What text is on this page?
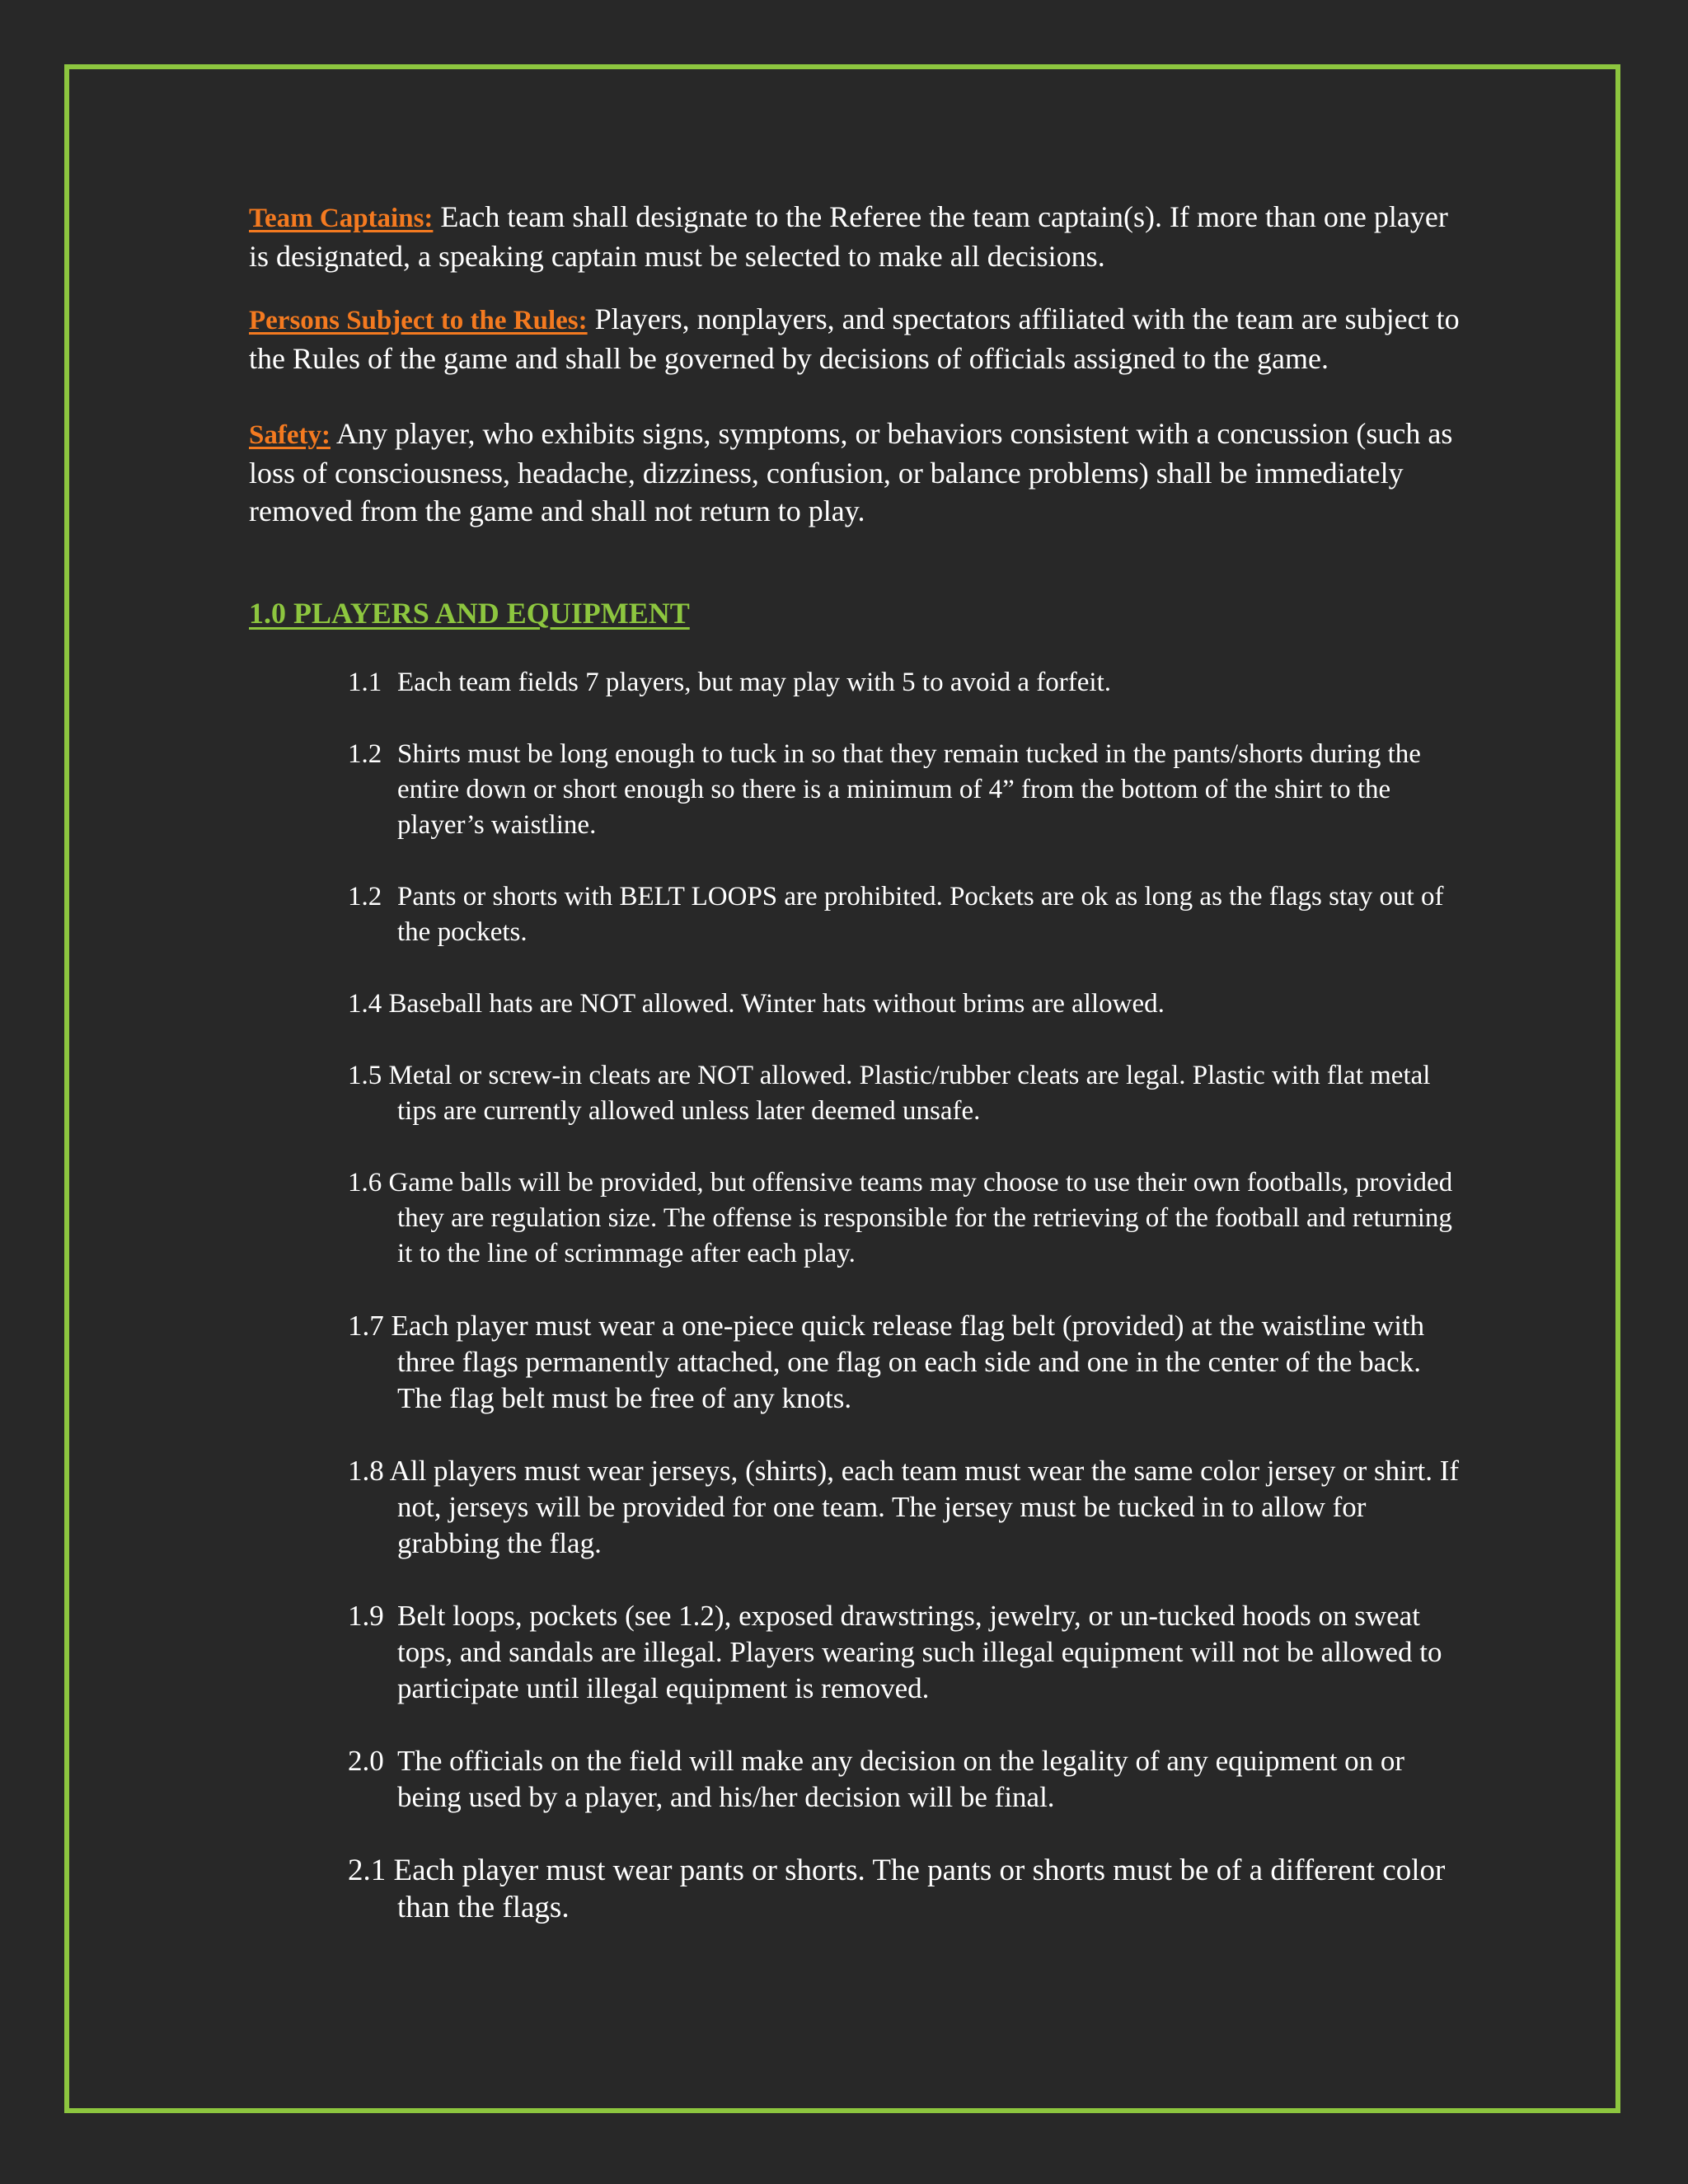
Team Captains: Each team shall designate to the Referee the team captain(s). If more than one player is designated, a speaking captain must be selected to make all decisions.

Persons Subject to the Rules: Players, nonplayers, and spectators affiliated with the team are subject to the Rules of the game and shall be governed by decisions of officials assigned to the game.

Safety: Any player, who exhibits signs, symptoms, or behaviors consistent with a concussion (such as loss of consciousness, headache, dizziness, confusion, or balance problems) shall be immediately removed from the game and shall not return to play.

1.0 PLAYERS AND EQUIPMENT
1.1 Each team fields 7 players, but may play with 5 to avoid a forfeit.
1.2 Shirts must be long enough to tuck in so that they remain tucked in the pants/shorts during the entire down or short enough so there is a minimum of 4” from the bottom of the shirt to the player’s waistline.
1.2 Pants or shorts with BELT LOOPS are prohibited. Pockets are ok as long as the flags stay out of the pockets.
1.4 Baseball hats are NOT allowed. Winter hats without brims are allowed.
1.5 Metal or screw-in cleats are NOT allowed. Plastic/rubber cleats are legal. Plastic with flat metal tips are currently allowed unless later deemed unsafe.
1.6 Game balls will be provided, but offensive teams may choose to use their own footballs, provided they are regulation size. The offense is responsible for the retrieving of the football and returning it to the line of scrimmage after each play.
1.7 Each player must wear a one-piece quick release flag belt (provided) at the waistline with three flags permanently attached, one flag on each side and one in the center of the back. The flag belt must be free of any knots.
1.8 All players must wear jerseys, (shirts), each team must wear the same color jersey or shirt. If not, jerseys will be provided for one team. The jersey must be tucked in to allow for grabbing the flag.
1.9 Belt loops, pockets (see 1.2), exposed drawstrings, jewelry, or un-tucked hoods on sweat tops, and sandals are illegal. Players wearing such illegal equipment will not be allowed to participate until illegal equipment is removed.
2.0 The officials on the field will make any decision on the legality of any equipment on or being used by a player, and his/her decision will be final.
2.1 Each player must wear pants or shorts. The pants or shorts must be of a different color than the flags.
